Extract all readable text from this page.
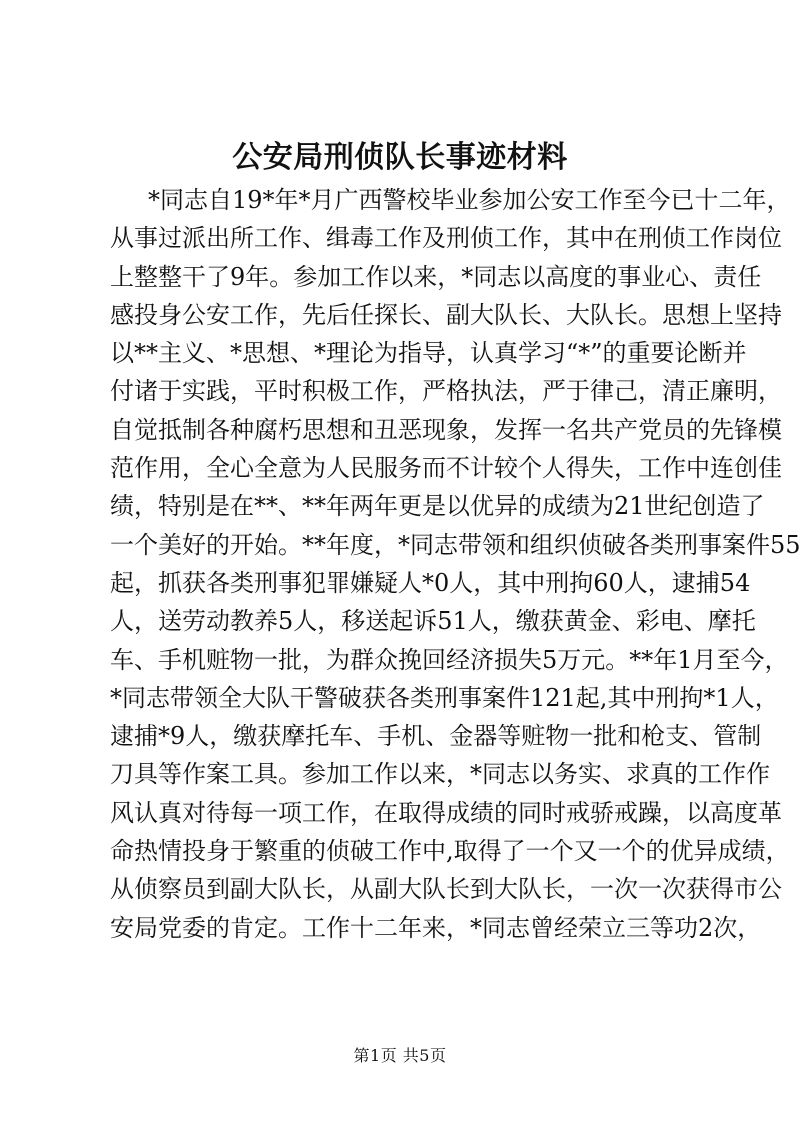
公安局刑侦队长事迹材料
*同志自19*年*月广西警校毕业参加公安工作至今已十二年，
从事过派出所工作、缉毒工作及刑侦工作，其中在刑侦工作岗位
上整整干了9年。参加工作以来，*同志以高度的事业心、责任
感投身公安工作，先后任探长、副大队长、大队长。思想上坚持
以**主义、*思想、*理论为指导，认真学习“*”的重要论断并
付诸于实践，平时积极工作，严格执法，严于律己，清正廉明，
自觉抵制各种腐朽思想和丑恶现象，发挥一名共产党员的先锋模
范作用，全心全意为人民服务而不计较个人得失，工作中连创佳
绩，特别是在**、**年两年更是以优异的成绩为21世纪创造了
一个美好的开始。**年度，*同志带领和组织侦破各类刑事案件55
起，抓获各类刑事犯罪嫌疑人*0人，其中刑拘60人，逮捕54
人，送劳动教养5人，移送起诉51人，缴获黄金、彩电、摩托
车、手机赃物一批，为群众挽回经济损失5万元。**年1月至今，
*同志带领全大队干警破获各类刑事案件121起,其中刑拘*1人，
逮捕*9人，缴获摩托车、手机、金器等赃物一批和枪支、管制
刀具等作案工具。参加工作以来，*同志以务实、求真的工作作
风认真对待每一项工作，在取得成绩的同时戒骄戒躁，以高度革
命热情投身于繁重的侦破工作中,取得了一个又一个的优异成绩，
从侦察员到副大队长，从副大队长到大队长，一次一次获得市公
安局党委的肯定。工作十二年来，*同志曾经荣立三等功2次，
第1页 共5页
